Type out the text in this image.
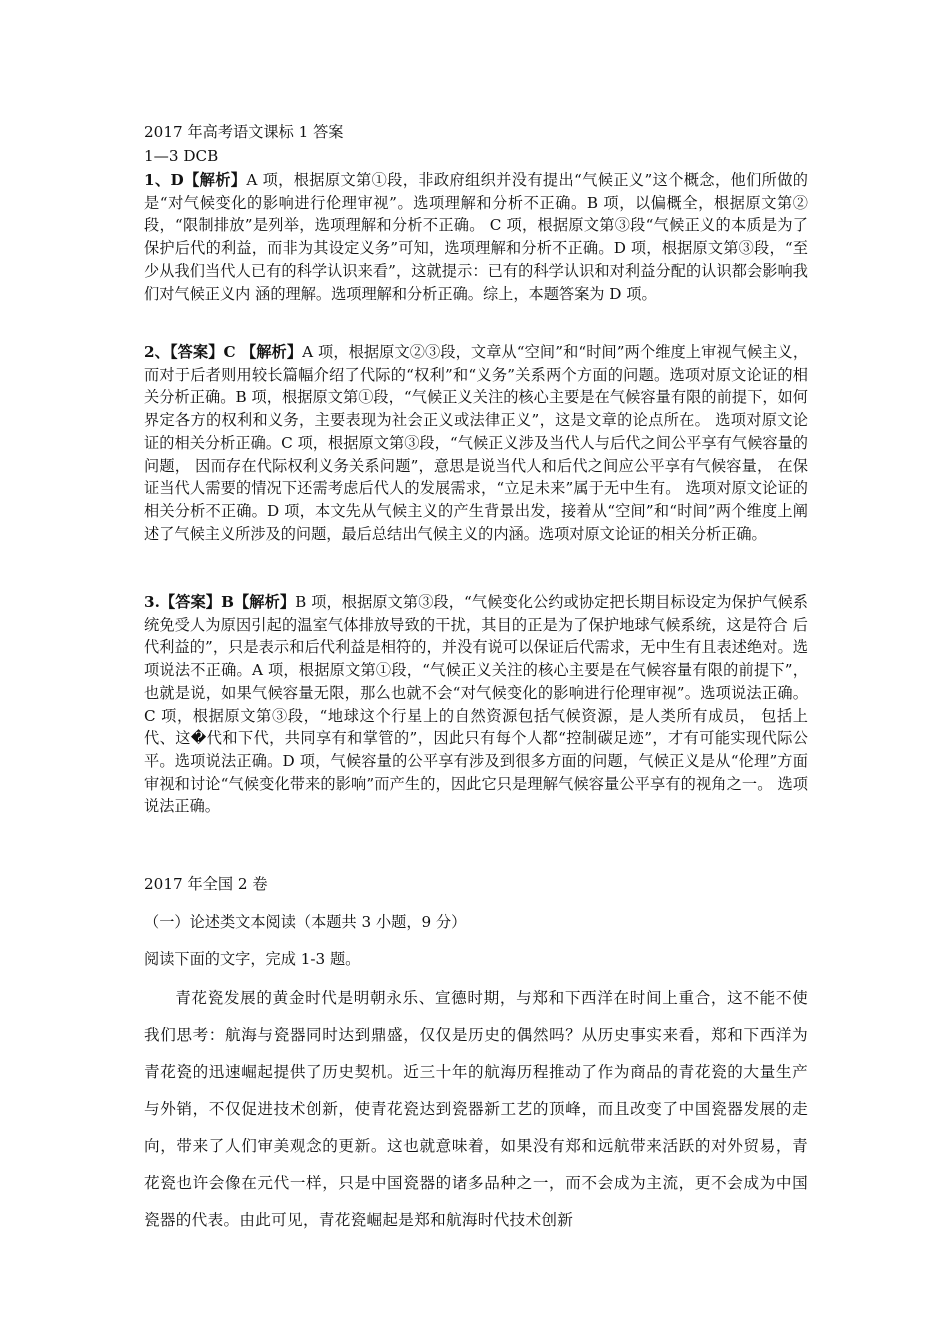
2017 年高考语文课标 1 答案
1—3 DCB
1、D【解析】A 项，根据原文第①段，非政府组织并没有提出“气候正义”这个概念，他们所做的是“对气候变化的影响进行伦理审视”。选项理解和分析不正确。B 项，以偏概全，根据原文第②段，“限制排放”是列举，选项理解和分析不正确。 C 项，根据原文第③段“气候正义的本质是为了保护后代的利益，而非为其设定义务”可知，选项理解和分析不正确。D 项，根据原文第③段，“至少从我们当代人已有的科学认识来看”，这就提示：已有的科学认识和对利益分配的认识都会影响我们对气候正义内 涵的理解。选项理解和分析正确。综上，本题答案为 D 项。
2、【答案】C 【解析】A 项，根据原文②③段，文章从“空间”和“时间”两个维度上审视气候主义，而对于后者则用较长篇幅介绍了代际的“权利”和“义务”关系两个方面的问题。选项对原文论证的相关分析正确。B 项，根据原文第①段，“气候正义关注的核心主要是在气候容量有限的前提下，如何界定各方的权利和义务，主要表现为社会正义或法律正义”，这是文章的论点所在。 选项对原文论证的相关分析正确。C 项，根据原文第③段，“气候正义涉及当代人与后代之间公平享有气候容量的问题， 因而存在代际权利义务关系问题”，意思是说当代人和后代之间应公平享有气候容量， 在保证当代人需要的情况下还需考虑后代人的发展需求，“立足未来”属于无中生有。 选项对原文论证的相关分析不正确。D 项，本文先从气候主义的产生背景出发，接着从“空间”和“时间”两个维度上阐述了气候主义所涉及的问题，最后总结出气候主义的内涵。选项对原文论证的相关分析正确。
3.【答案】B【解析】B 项，根据原文第③段，“气候变化公约或协定把长期目标设定为保护气候系统免受人为原因引起的温室气体排放导致的干扰，其目的正是为了保护地球气候系统，这是符合 后代利益的”，只是表示和后代利益是相符的，并没有说可以保证后代需求，无中生有且表述绝对。选项说法不正确。A 项，根据原文第①段，“气候正义关注的核心主要是在气候容量有限的前提下”，也就是说，如果气候容量无限，那么也就不会“对气候变化的影响进行伦理审视”。选项说法正确。C 项，根据原文第③段，“地球这个行星上的自然资源包括气候资源，是人类所有成员， 包括上代、这�代和下代，共同享有和掌管的”，因此只有每个人都“控制碳足迹”，才有可能实现代际公平。选项说法正确。D 项，气候容量的公平享有涉及到很多方面的问题，气候正义是从“伦理”方面审视和讨论“气候变化带来的影响”而产生的，因此它只是理解气候容量公平享有的视角之一。 选项说法正确。
2017 年全国 2 卷
（一）论述类文本阅读（本题共 3 小题，9 分）
阅读下面的文字，完成 1-3 题。
青花瓷发展的黄金时代是明朝永乐、宣德时期，与郑和下西洋在时间上重合，这不能不使我们思考：航海与瓷器同时达到鼎盛，仅仅是历史的偶然吗？从历史事实来看，郑和下西洋为青花瓷的迅速崛起提供了历史契机。近三十年的航海历程推动了作为商品的青花瓷的大量生产与外销，不仅促进技术创新，使青花瓷达到瓷器新工艺的顶峰，而且改变了中国瓷器发展的走向，带来了人们审美观念的更新。这也就意味着，如果没有郑和远航带来活跃的对外贸易，青花瓷也许会像在元代一样，只是中国瓷器的诸多品种之一，而不会成为主流，更不会成为中国瓷器的代表。由此可见，青花瓷崛起是郑和航海时代技术创新
